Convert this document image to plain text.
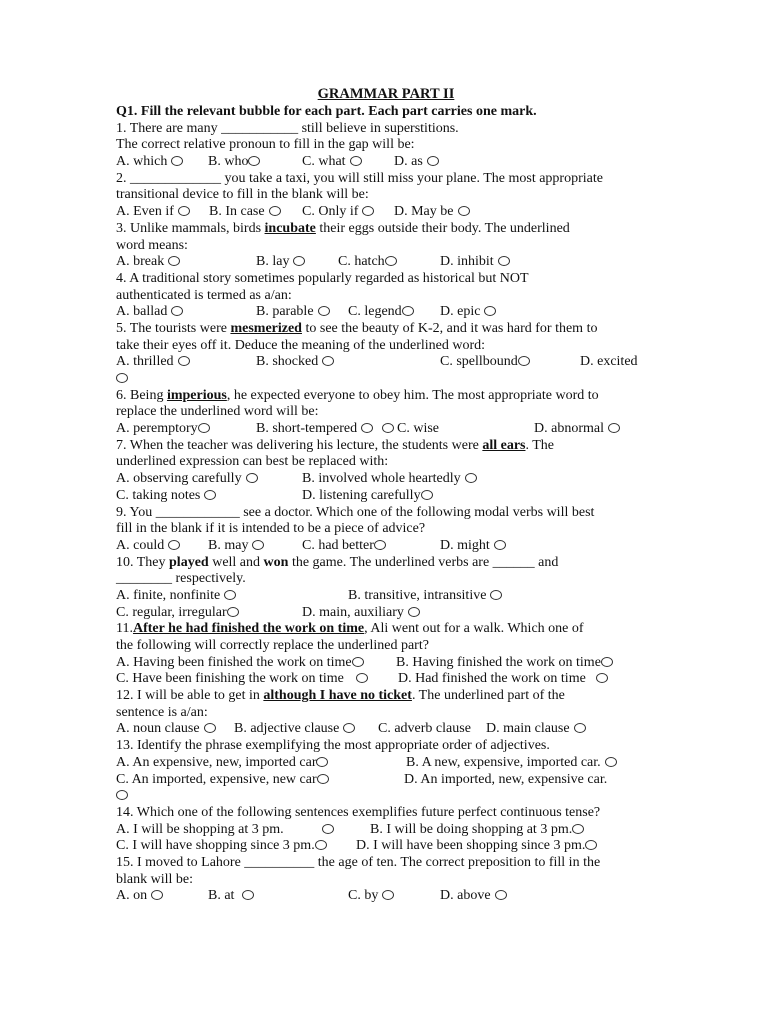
GRAMMAR PART II
Q1. Fill the relevant bubble for each part. Each part carries one mark.
1. There are many ___________ still believe in superstitions.
The correct relative pronoun to fill in the gap will be:
A. which	B. who	C. what	D. as
2. _____________ you take a taxi, you will still miss your plane. The most appropriate
transitional device to fill in the blank will be:
A. Even if	B. In case	C. Only if	D. May be
3. Unlike mammals, birds incubate their eggs outside their body. The underlined
word means:
A. break	B. lay	C. hatch	D. inhibit
4. A traditional story sometimes popularly regarded as historical but NOT
authenticated is termed as a/an:
A. ballad	B. parable	C. legend	D. epic
5. The tourists were mesmerized to see the beauty of K-2, and it was hard for them to
take their eyes off it. Deduce the meaning of the underlined word:
A. thrilled	B. shocked	C. spellbound	D. excited
6. Being imperious, he expected everyone to obey him. The most appropriate word to
replace the underlined word will be:
A. peremptory	B. short-tempered	C. wise	D. abnormal
7. When the teacher was delivering his lecture, the students were all ears. The
underlined expression can best be replaced with:
A. observing carefully	B. involved whole heartedly
C. taking notes	D. listening carefully
9. You ____________ see a doctor. Which one of the following modal verbs will best
fill in the blank if it is intended to be a piece of advice?
A. could	B. may	C. had better	D. might
10. They played well and won the game. The underlined verbs are ______ and
________ respectively.
A. finite, nonfinite	B. transitive, intransitive
C. regular, irregular	D. main, auxiliary
11.After he had finished the work on time, Ali went out for a walk. Which one of
the following will correctly replace the underlined part?
A. Having been finished the work on time	B. Having finished the work on time
C. Have been finishing the work on time	D. Had finished the work on time
12. I will be able to get in although I have no ticket. The underlined part of the
sentence is a/an:
A. noun clause	B. adjective clause	C. adverb clause D. main clause
13. Identify the phrase exemplifying the most appropriate order of adjectives.
A. An expensive, new, imported car	B. A new, expensive, imported car.
C. An imported, expensive, new car	D. An imported, new, expensive car.
14. Which one of the following sentences exemplifies future perfect continuous tense?
A. I will be shopping at 3 pm.	B. I will be doing shopping at 3 pm.
C. I will have shopping since 3 pm.	D. I will have been shopping since 3 pm.
15. I moved to Lahore __________ the age of ten. The correct preposition to fill in the
blank will be:
A. on	B. at	C. by	D. above
